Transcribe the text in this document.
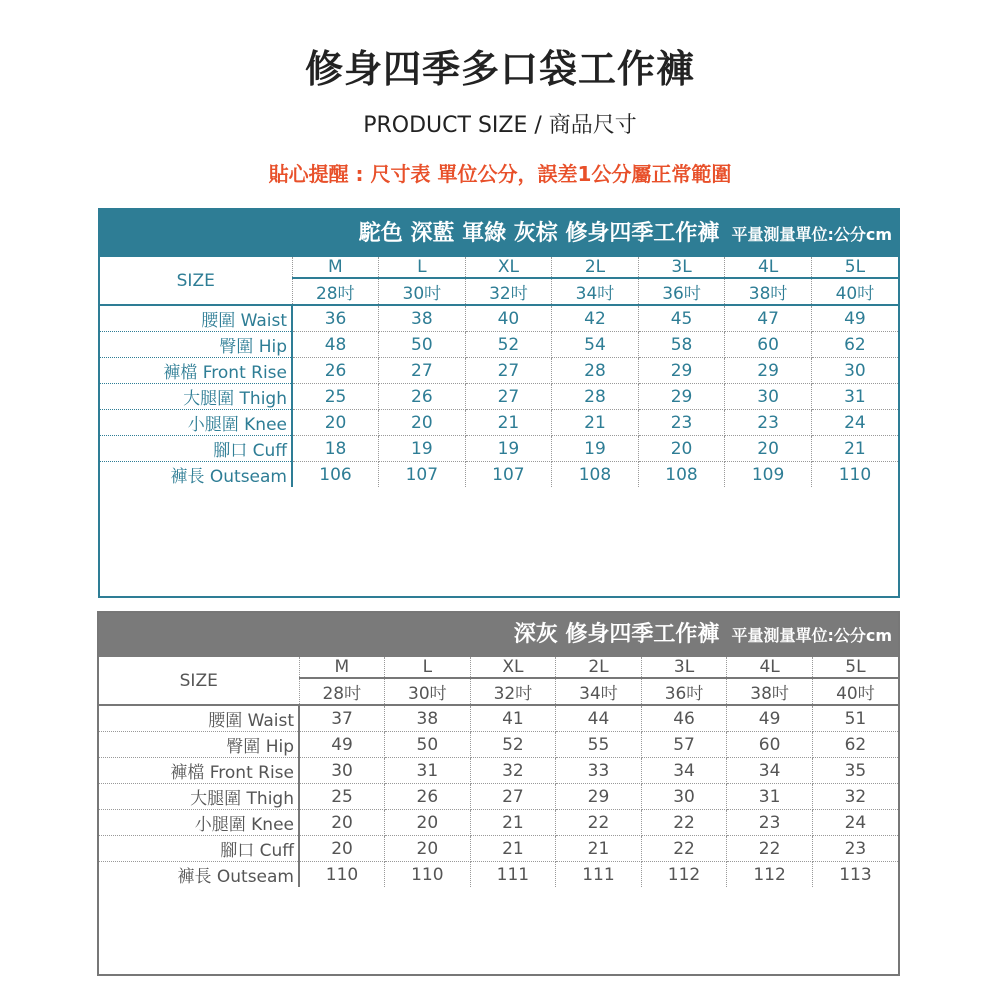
修身四季多口袋工作褲
PRODUCT SIZE / 商品尺寸
貼心提醒 : 尺寸表 單位公分，誤差1公分屬正常範圍
駝色 深藍 軍綠 灰棕 修身四季工作褲 平量測量單位:公分cm
SIZE	M	L	XL	2L	3L	4L	5L
	28吋	30吋	32吋	34吋	36吋	38吋	40吋
腰圍 Waist	36	38	40	42	45	47	49
臀圍 Hip	48	50	52	54	58	60	62
褲檔 Front Rise	26	27	27	28	29	29	30
大腿圍 Thigh	25	26	27	28	29	30	31
小腿圍 Knee	20	20	21	21	23	23	24
腳口 Cuff	18	19	19	19	20	20	21
褲長 Outseam	106	107	107	108	108	109	110
深灰 修身四季工作褲 平量測量單位:公分cm
SIZE	M	L	XL	2L	3L	4L	5L
	28吋	30吋	32吋	34吋	36吋	38吋	40吋
腰圍 Waist	37	38	41	44	46	49	51
臀圍 Hip	49	50	52	55	57	60	62
褲檔 Front Rise	30	31	32	33	34	34	35
大腿圍 Thigh	25	26	27	29	30	31	32
小腿圍 Knee	20	20	21	22	22	23	24
腳口 Cuff	20	20	21	21	22	22	23
褲長 Outseam	110	110	111	111	112	112	113
